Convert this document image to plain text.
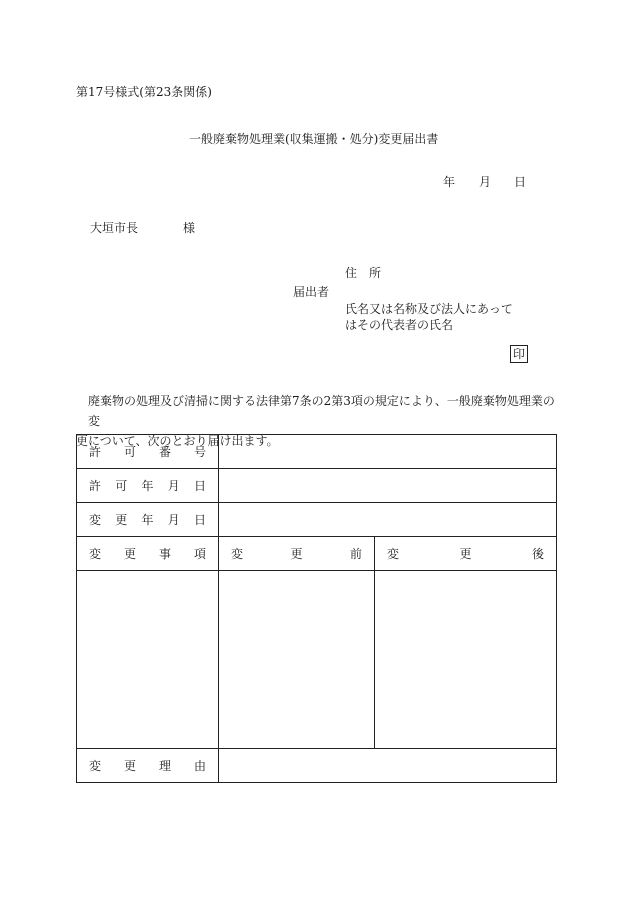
第17号様式(第23条関係)
一般廃棄物処理業(収集運搬・処分)変更届出書
年 月 日
大垣市長	様
住　所
届出者
氏名又は名称及び法人にあって
はその代表者の氏名
印
廃棄物の処理及び清掃に関する法律第7条の2第3項の規定により、一般廃棄物処理業の変
更について、次のとおり届け出ます。
許 可 番 号		

許 可 年 月 日		

変 更 年 月 日		

変 更 事 項	変 更 前	変 更 後

変 更 理 由		
